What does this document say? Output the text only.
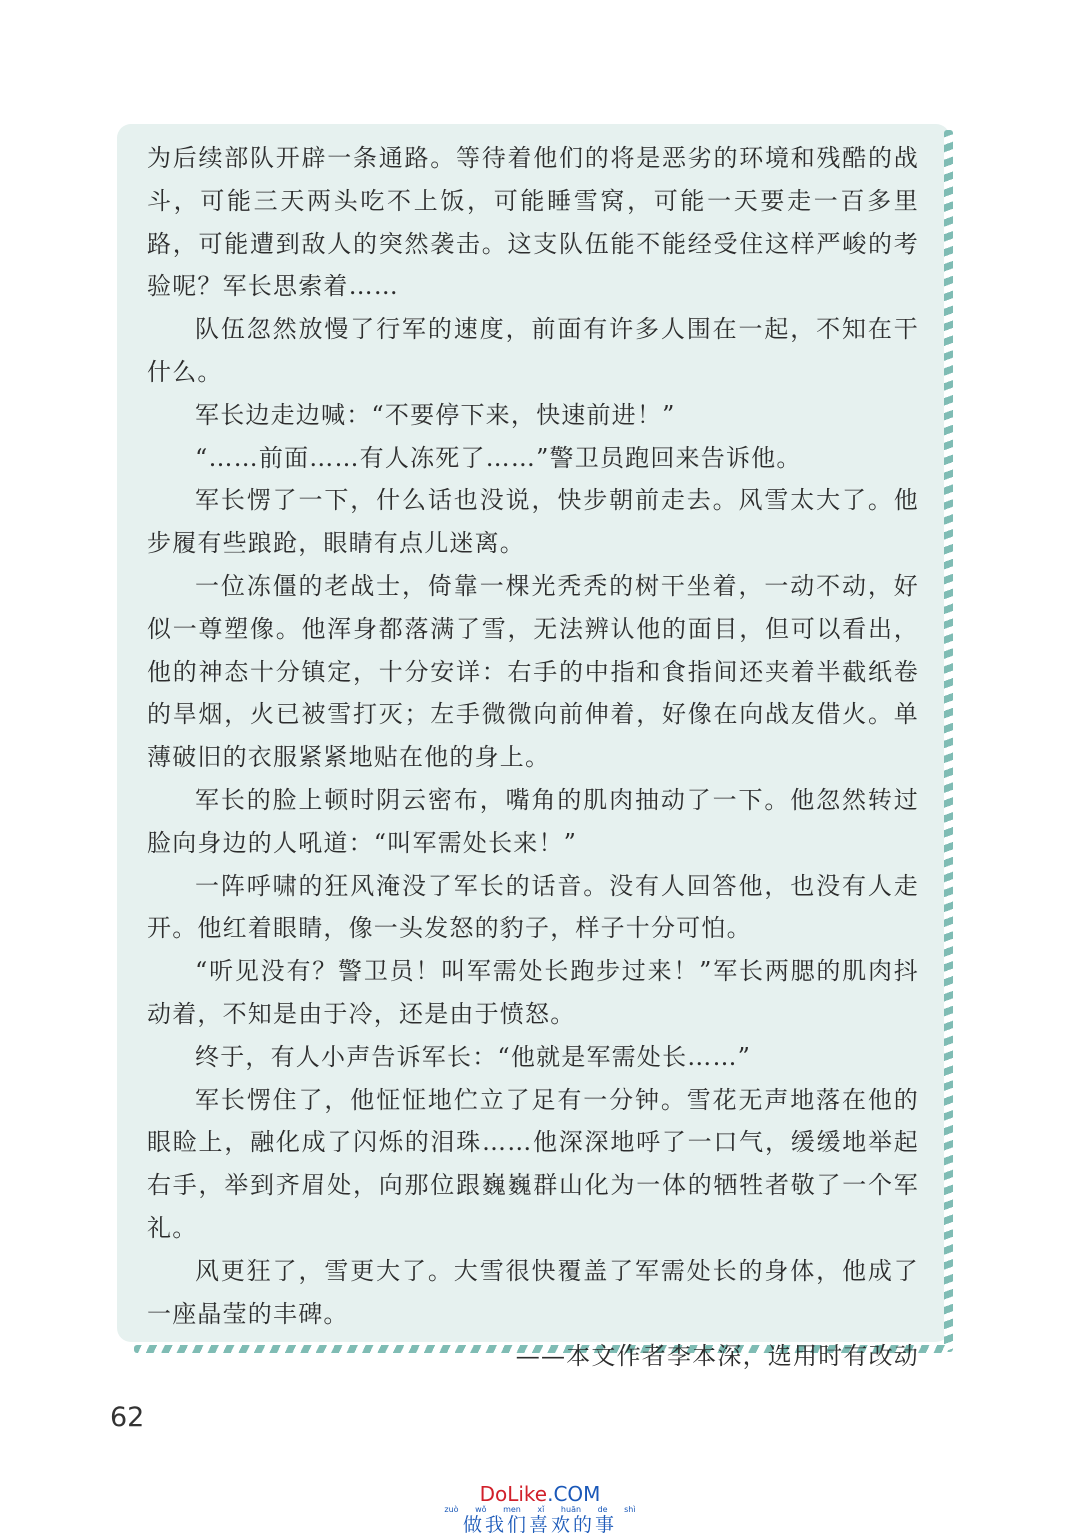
为后续部队开辟一条通路。等待着他们的将是恶劣的环境和残酷的战斗，可能三天两头吃不上饭，可能睡雪窝，可能一天要走一百多里路，可能遭到敌人的突然袭击。这支队伍能不能经受住这样严峻的考验呢？军长思索着……

队伍忽然放慢了行军的速度，前面有许多人围在一起，不知在干什么。

军长边走边喊：“不要停下来，快速前进！”

“……前面……有人冻死了……”警卫员跑回来告诉他。

军长愣了一下，什么话也没说，快步朝前走去。风雪太大了。他步履有些踉跄，眼睛有点儿迷离。

一位冻僵的老战士，倚靠一棵光秃秃的树干坐着，一动不动，好似一尊塑像。他浑身都落满了雪，无法辨认他的面目，但可以看出，他的神态十分镇定，十分安详：右手的中指和食指间还夹着半截纸卷的旱烟，火已被雪打灭；左手微微向前伸着，好像在向战友借火。单薄破旧的衣服紧紧地贴在他的身上。

军长的脸上顿时阴云密布，嘴角的肌肉抽动了一下。他忽然转过脸向身边的人吼道：“叫军需处长来！”

一阵呼啸的狂风淹没了军长的话音。没有人回答他，也没有人走开。他红着眼睛，像一头发怒的豹子，样子十分可怕。

“听见没有？警卫员！叫军需处长跑步过来！”军长两腮的肌肉抖动着，不知是由于冷，还是由于愤怒。

终于，有人小声告诉军长：“他就是军需处长……”

军长愣住了，他怔怔地伫立了足有一分钟。雪花无声地落在他的眼睑上，融化成了闪烁的泪珠……他深深地呼了一口气，缓缓地举起右手，举到齐眉处，向那位跟巍巍群山化为一体的牺牲者敬了一个军礼。

风更狂了，雪更大了。大雪很快覆盖了军需处长的身体，他成了一座晶莹的丰碑。

——本文作者李本深，选用时有改动

62
DoLike.COM
zuò wǒ men xǐ huān de shì
做我们喜欢的事
